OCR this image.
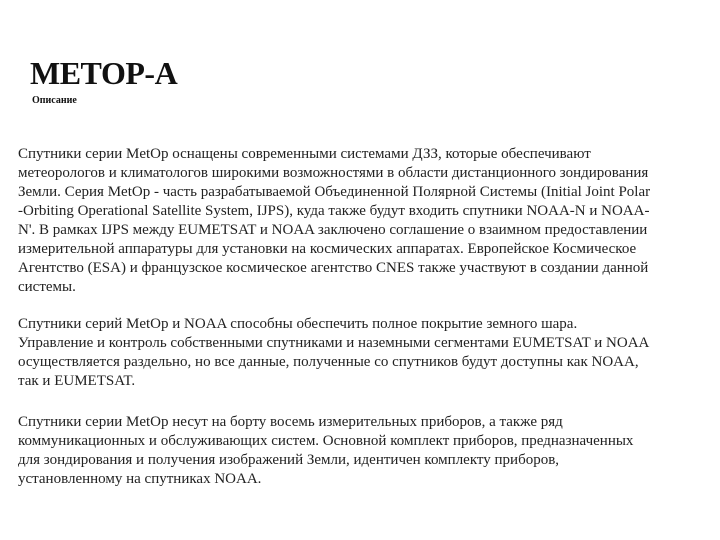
МЕТОР-А
Описание
Спутники серии MetOp оснащены современными системами ДЗЗ, которые обеспечивают
метеорологов и климатологов широкими возможностями в области дистанционного зондирования
Земли. Серия MetOp - часть разрабатываемой Объединенной Полярной Системы (Initial Joint Polar
-Orbiting Operational Satellite System, IJPS), куда также будут входить спутники NOAA-N и NOAA-
N'. В рамках IJPS между EUMETSAT и NOAA заключено соглашение о взаимном предоставлении
измерительной аппаратуры для установки на космических аппаратах. Европейское Космическое
Агентство (ESA) и французское космическое агентство CNES также участвуют в создании данной
системы.
Спутники серий MetOp и NOAA способны обеспечить полное покрытие земного шара.
Управление и контроль собственными спутниками и наземными сегментами EUMETSAT и NOAA
осуществляется раздельно, но все данные, полученные со спутников будут доступны как NOAA,
так и EUMETSAT.
Спутники серии MetOp несут на борту восемь измерительных приборов, а также ряд
коммуникационных и обслуживающих систем. Основной комплект приборов, предназначенных
для зондирования и получения изображений Земли, идентичен комплекту приборов,
установленному на спутниках NOAA.
